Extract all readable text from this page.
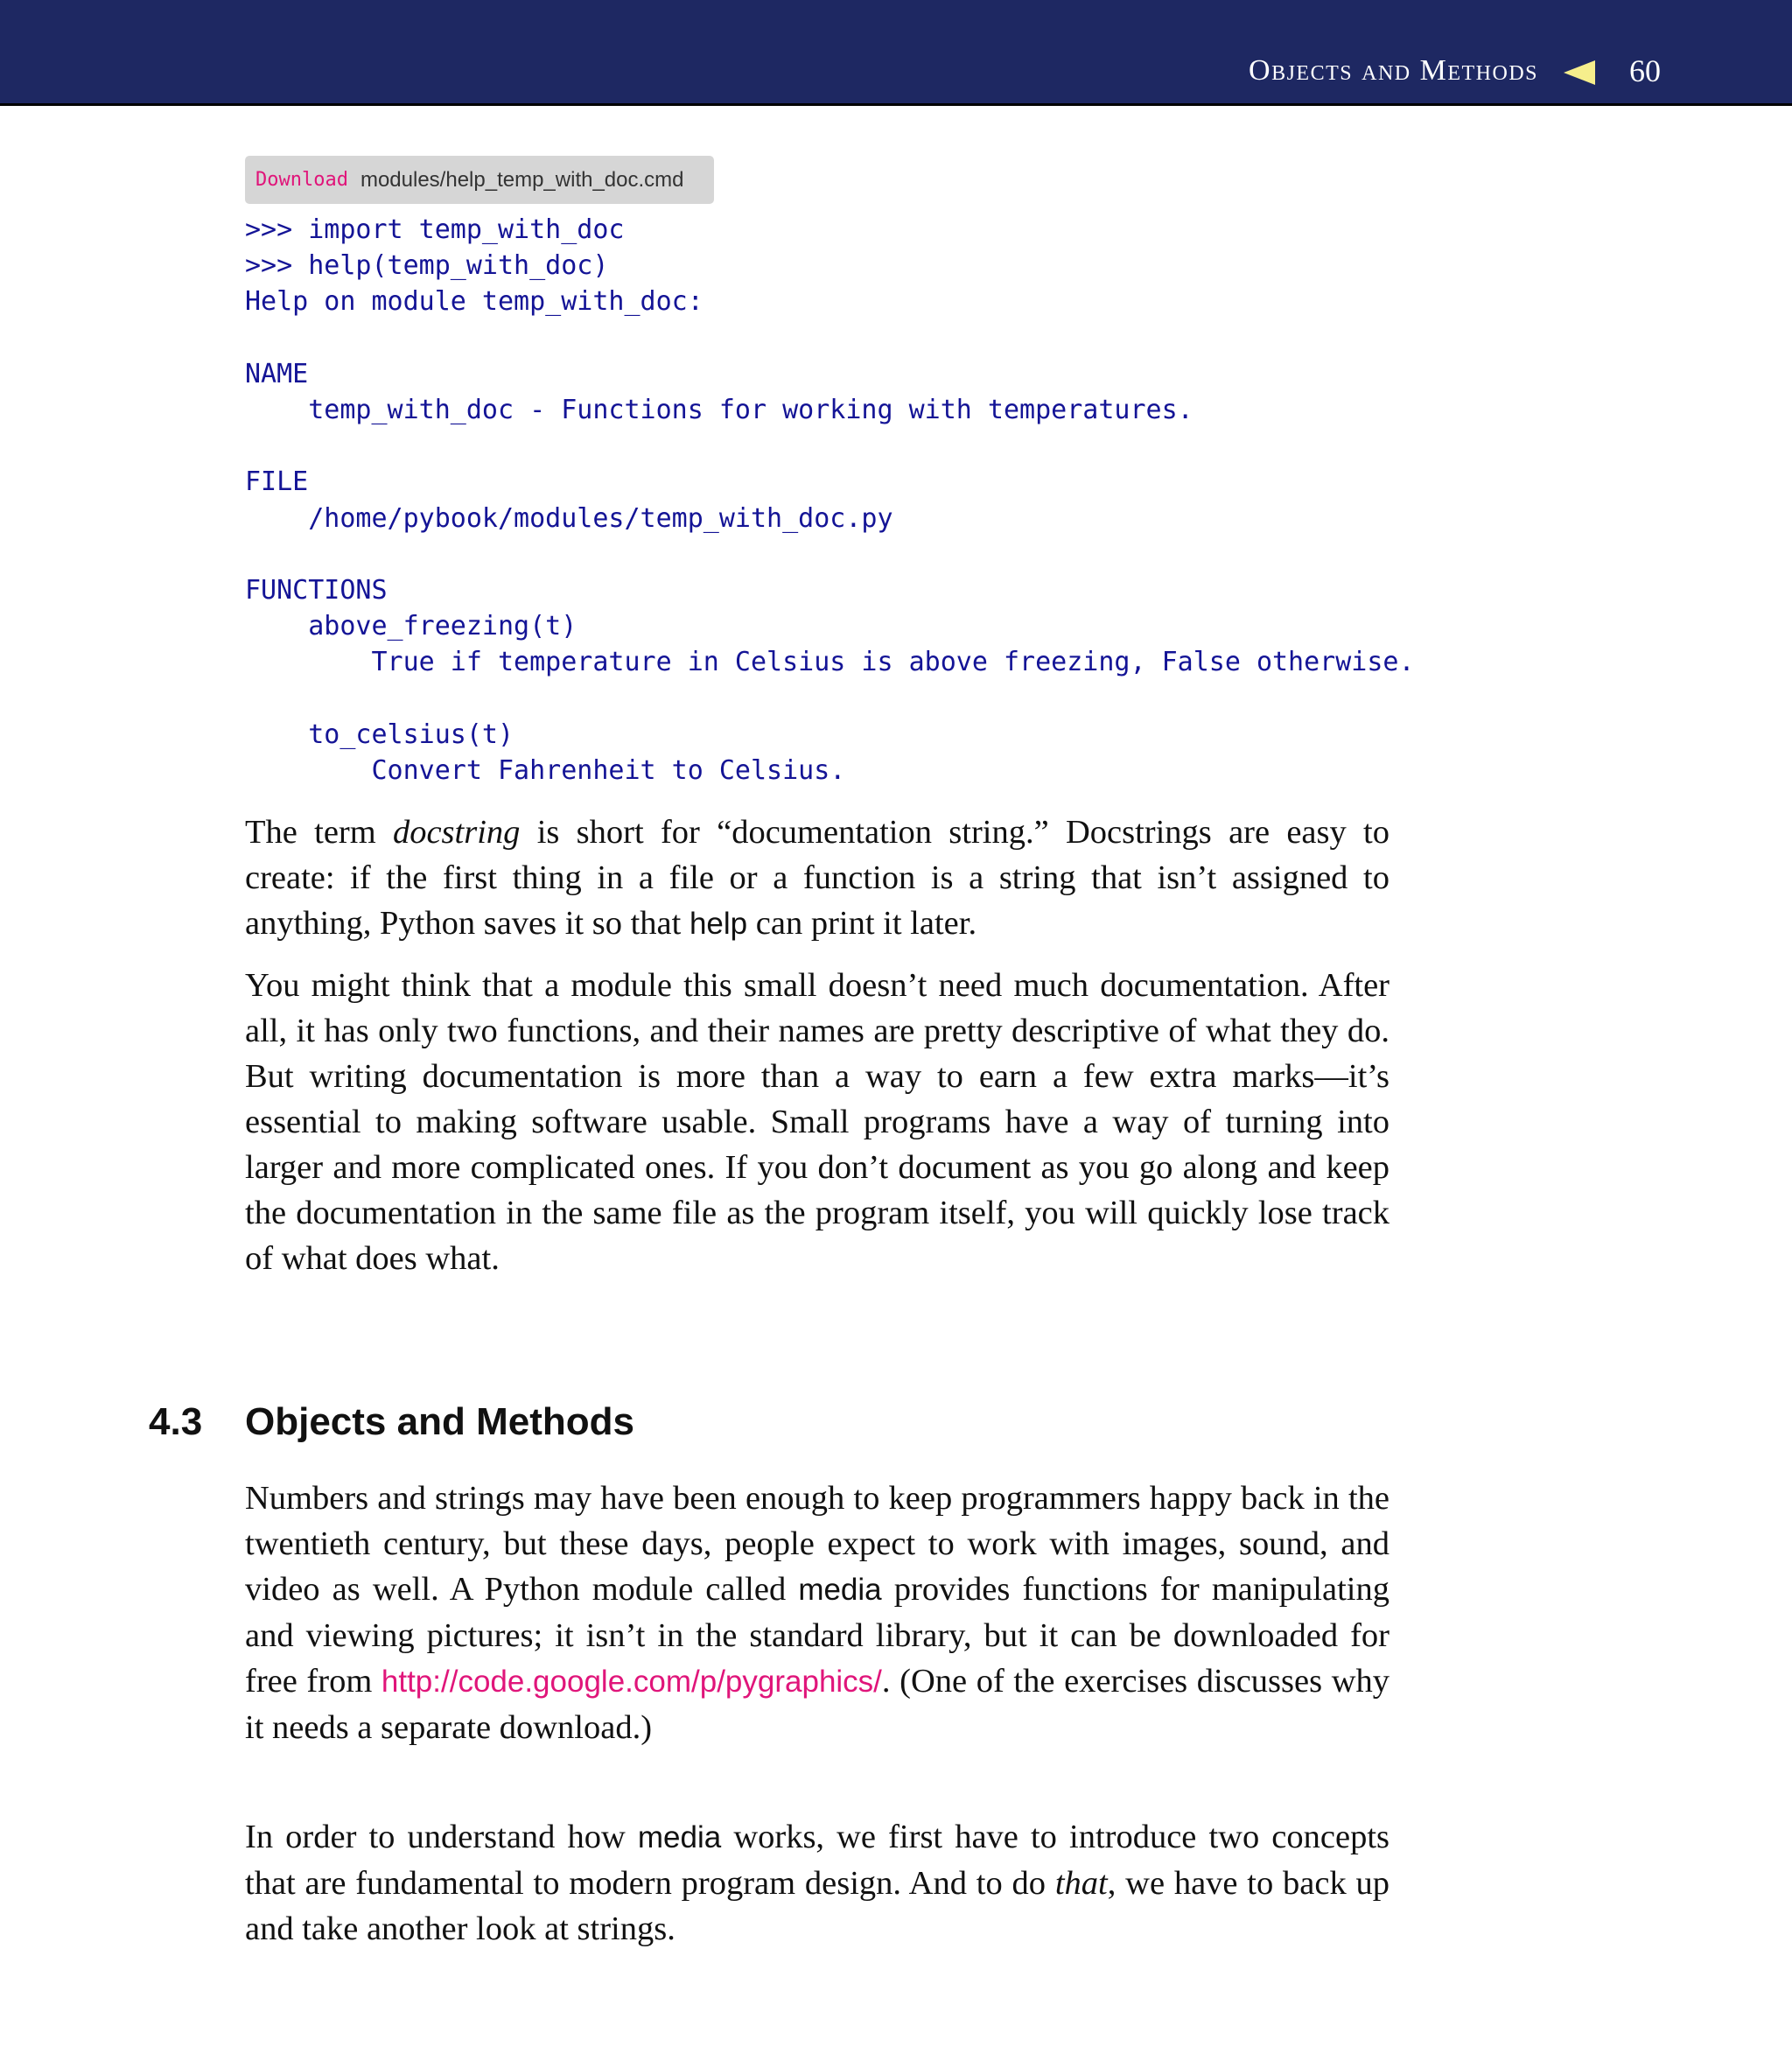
Objects and Methods	60
Download modules/help_temp_with_doc.cmd
>>> import temp_with_doc
>>> help(temp_with_doc)
Help on module temp_with_doc:

NAME
temp_with_doc - Functions for working with temperatures.

FILE
/home/pybook/modules/temp_with_doc.py

FUNCTIONS
above_freezing(t)
True if temperature in Celsius is above freezing, False otherwise.

to_celsius(t)
Convert Fahrenheit to Celsius.

The term docstring is short for “documentation string.” Docstrings are easy to create: if the first thing in a file or a function is a string that isn’t assigned to anything, Python saves it so that help can print it later.

You might think that a module this small doesn’t need much documentation. After all, it has only two functions, and their names are pretty descriptive of what they do. But writing documentation is more than a way to earn a few extra marks—it’s essential to making software usable. Small programs have a way of turning into larger and more complicated ones. If you don’t document as you go along and keep the documentation in the same file as the program itself, you will quickly lose track of what does what.

4.3 Objects and Methods

Numbers and strings may have been enough to keep programmers happy back in the twentieth century, but these days, people expect to work with images, sound, and video as well. A Python module called media provides functions for manipulating and viewing pictures; it isn’t in the standard library, but it can be downloaded for free from http://code.google.com/p/pygraphics/. (One of the exercises discusses why it needs a separate download.)

In order to understand how media works, we first have to introduce two concepts that are fundamental to modern program design. And to do that, we have to back up and take another look at strings.
